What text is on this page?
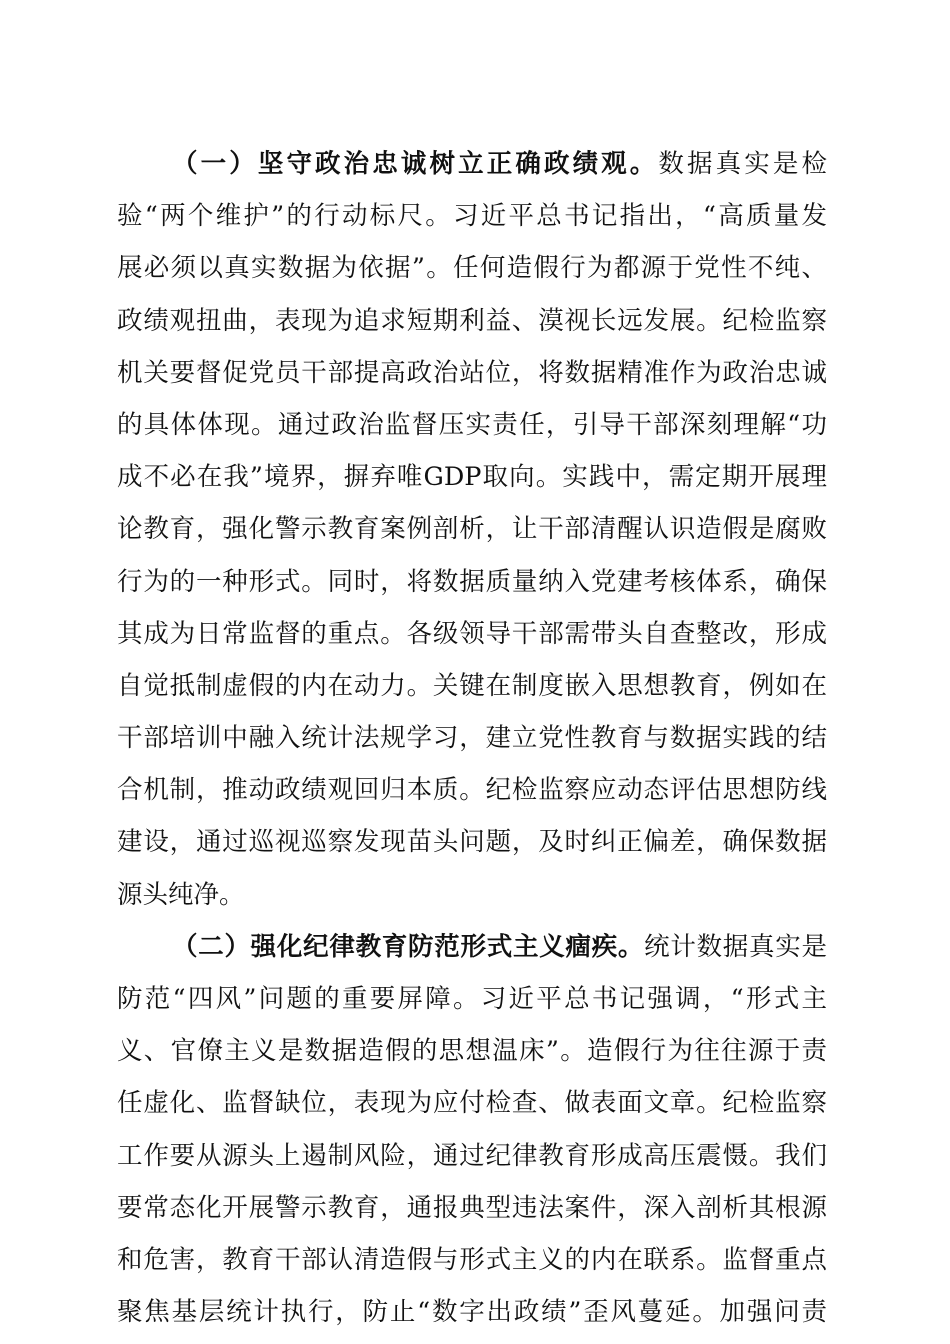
（一）坚守政治忠诚树立正确政绩观。数据真实是检
验“两个维护”的行动标尺。习近平总书记指出，“高质量发
展必须以真实数据为依据”。任何造假行为都源于党性不纯、
政绩观扭曲，表现为追求短期利益、漠视长远发展。纪检监察
机关要督促党员干部提高政治站位，将数据精准作为政治忠诚
的具体体现。通过政治监督压实责任，引导干部深刻理解“功
成不必在我”境界，摒弃唯GDP取向。实践中，需定期开展理
论教育，强化警示教育案例剖析，让干部清醒认识造假是腐败
行为的一种形式。同时，将数据质量纳入党建考核体系，确保
其成为日常监督的重点。各级领导干部需带头自查整改，形成
自觉抵制虚假的内在动力。关键在制度嵌入思想教育，例如在
干部培训中融入统计法规学习，建立党性教育与数据实践的结
合机制，推动政绩观回归本质。纪检监察应动态评估思想防线
建设，通过巡视巡察发现苗头问题，及时纠正偏差，确保数据
源头纯净。
（二）强化纪律教育防范形式主义痼疾。统计数据真实是
防范“四风”问题的重要屏障。习近平总书记强调，“形式主
义、官僚主义是数据造假的思想温床”。造假行为往往源于责
任虚化、监督缺位，表现为应付检查、做表面文章。纪检监察
工作要从源头上遏制风险，通过纪律教育形成高压震慑。我们
要常态化开展警示教育，通报典型违法案件，深入剖析其根源
和危害，教育干部认清造假与形式主义的内在联系。监督重点
聚焦基层统计执行，防止“数字出政绩”歪风蔓延。加强问责
